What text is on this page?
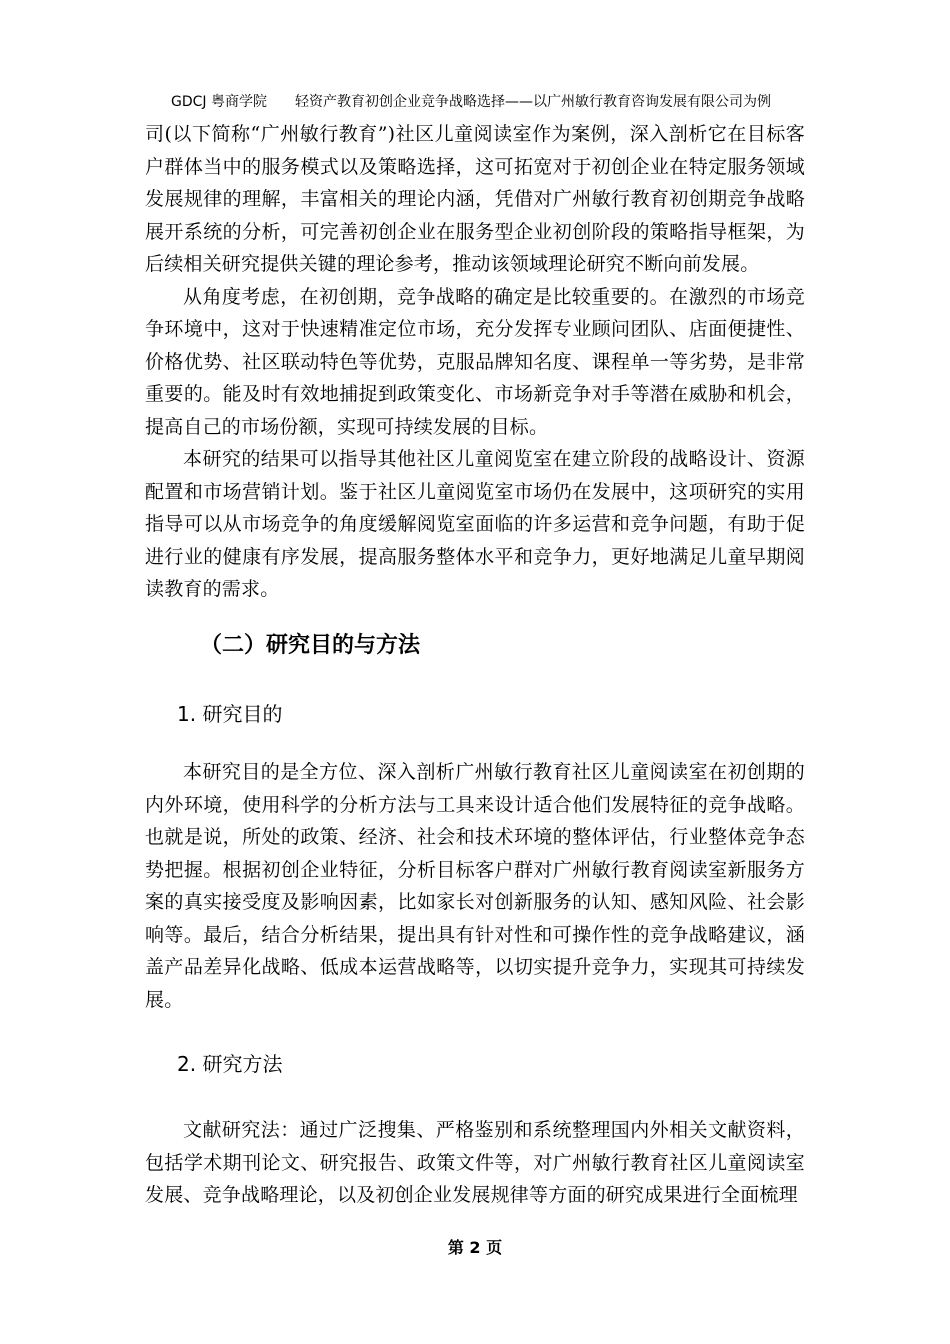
GDCJ 粤商学院 轻资产教育初创企业竞争战略选择——以广州敏行教育咨询发展有限公司为例

司(以下简称“广州敏行教育”)社区儿童阅读室作为案例，深入剖析它在目标客户群体当中的服务模式以及策略选择，这可拓宽对于初创企业在特定服务领域发展规律的理解，丰富相关的理论内涵，凭借对广州敏行教育初创期竞争战略展开系统的分析，可完善初创企业在服务型企业初创阶段的策略指导框架，为后续相关研究提供关键的理论参考，推动该领域理论研究不断向前发展。

从角度考虑，在初创期，竞争战略的确定是比较重要的。在激烈的市场竞争环境中，这对于快速精准定位市场，充分发挥专业顾问团队、店面便捷性、价格优势、社区联动特色等优势，克服品牌知名度、课程单一等劣势，是非常重要的。能及时有效地捕捉到政策变化、市场新竞争对手等潜在威胁和机会，提高自己的市场份额，实现可持续发展的目标。

本研究的结果可以指导其他社区儿童阅览室在建立阶段的战略设计、资源配置和市场营销计划。鉴于社区儿童阅览室市场仍在发展中，这项研究的实用指导可以从市场竞争的角度缓解阅览室面临的许多运营和竞争问题，有助于促进行业的健康有序发展，提高服务整体水平和竞争力，更好地满足儿童早期阅读教育的需求。

（二）研究目的与方法
1. 研究目的

本研究目的是全方位、深入剖析广州敏行教育社区儿童阅读室在初创期的内外环境，使用科学的分析方法与工具来设计适合他们发展特征的竞争战略。也就是说，所处的政策、经济、社会和技术环境的整体评估，行业整体竞争态势把握。根据初创企业特征，分析目标客户群对广州敏行教育阅读室新服务方案的真实接受度及影响因素，比如家长对创新服务的认知、感知风险、社会影响等。最后，结合分析结果，提出具有针对性和可操作性的竞争战略建议，涵盖产品差异化战略、低成本运营战略等，以切实提升竞争力，实现其可持续发展。

2. 研究方法

文献研究法：通过广泛搜集、严格鉴别和系统整理国内外相关文献资料，包括学术期刊论文、研究报告、政策文件等，对广州敏行教育社区儿童阅读室发展、竞争战略理论，以及初创企业发展规律等方面的研究成果进行全面梳理

第 2 页
